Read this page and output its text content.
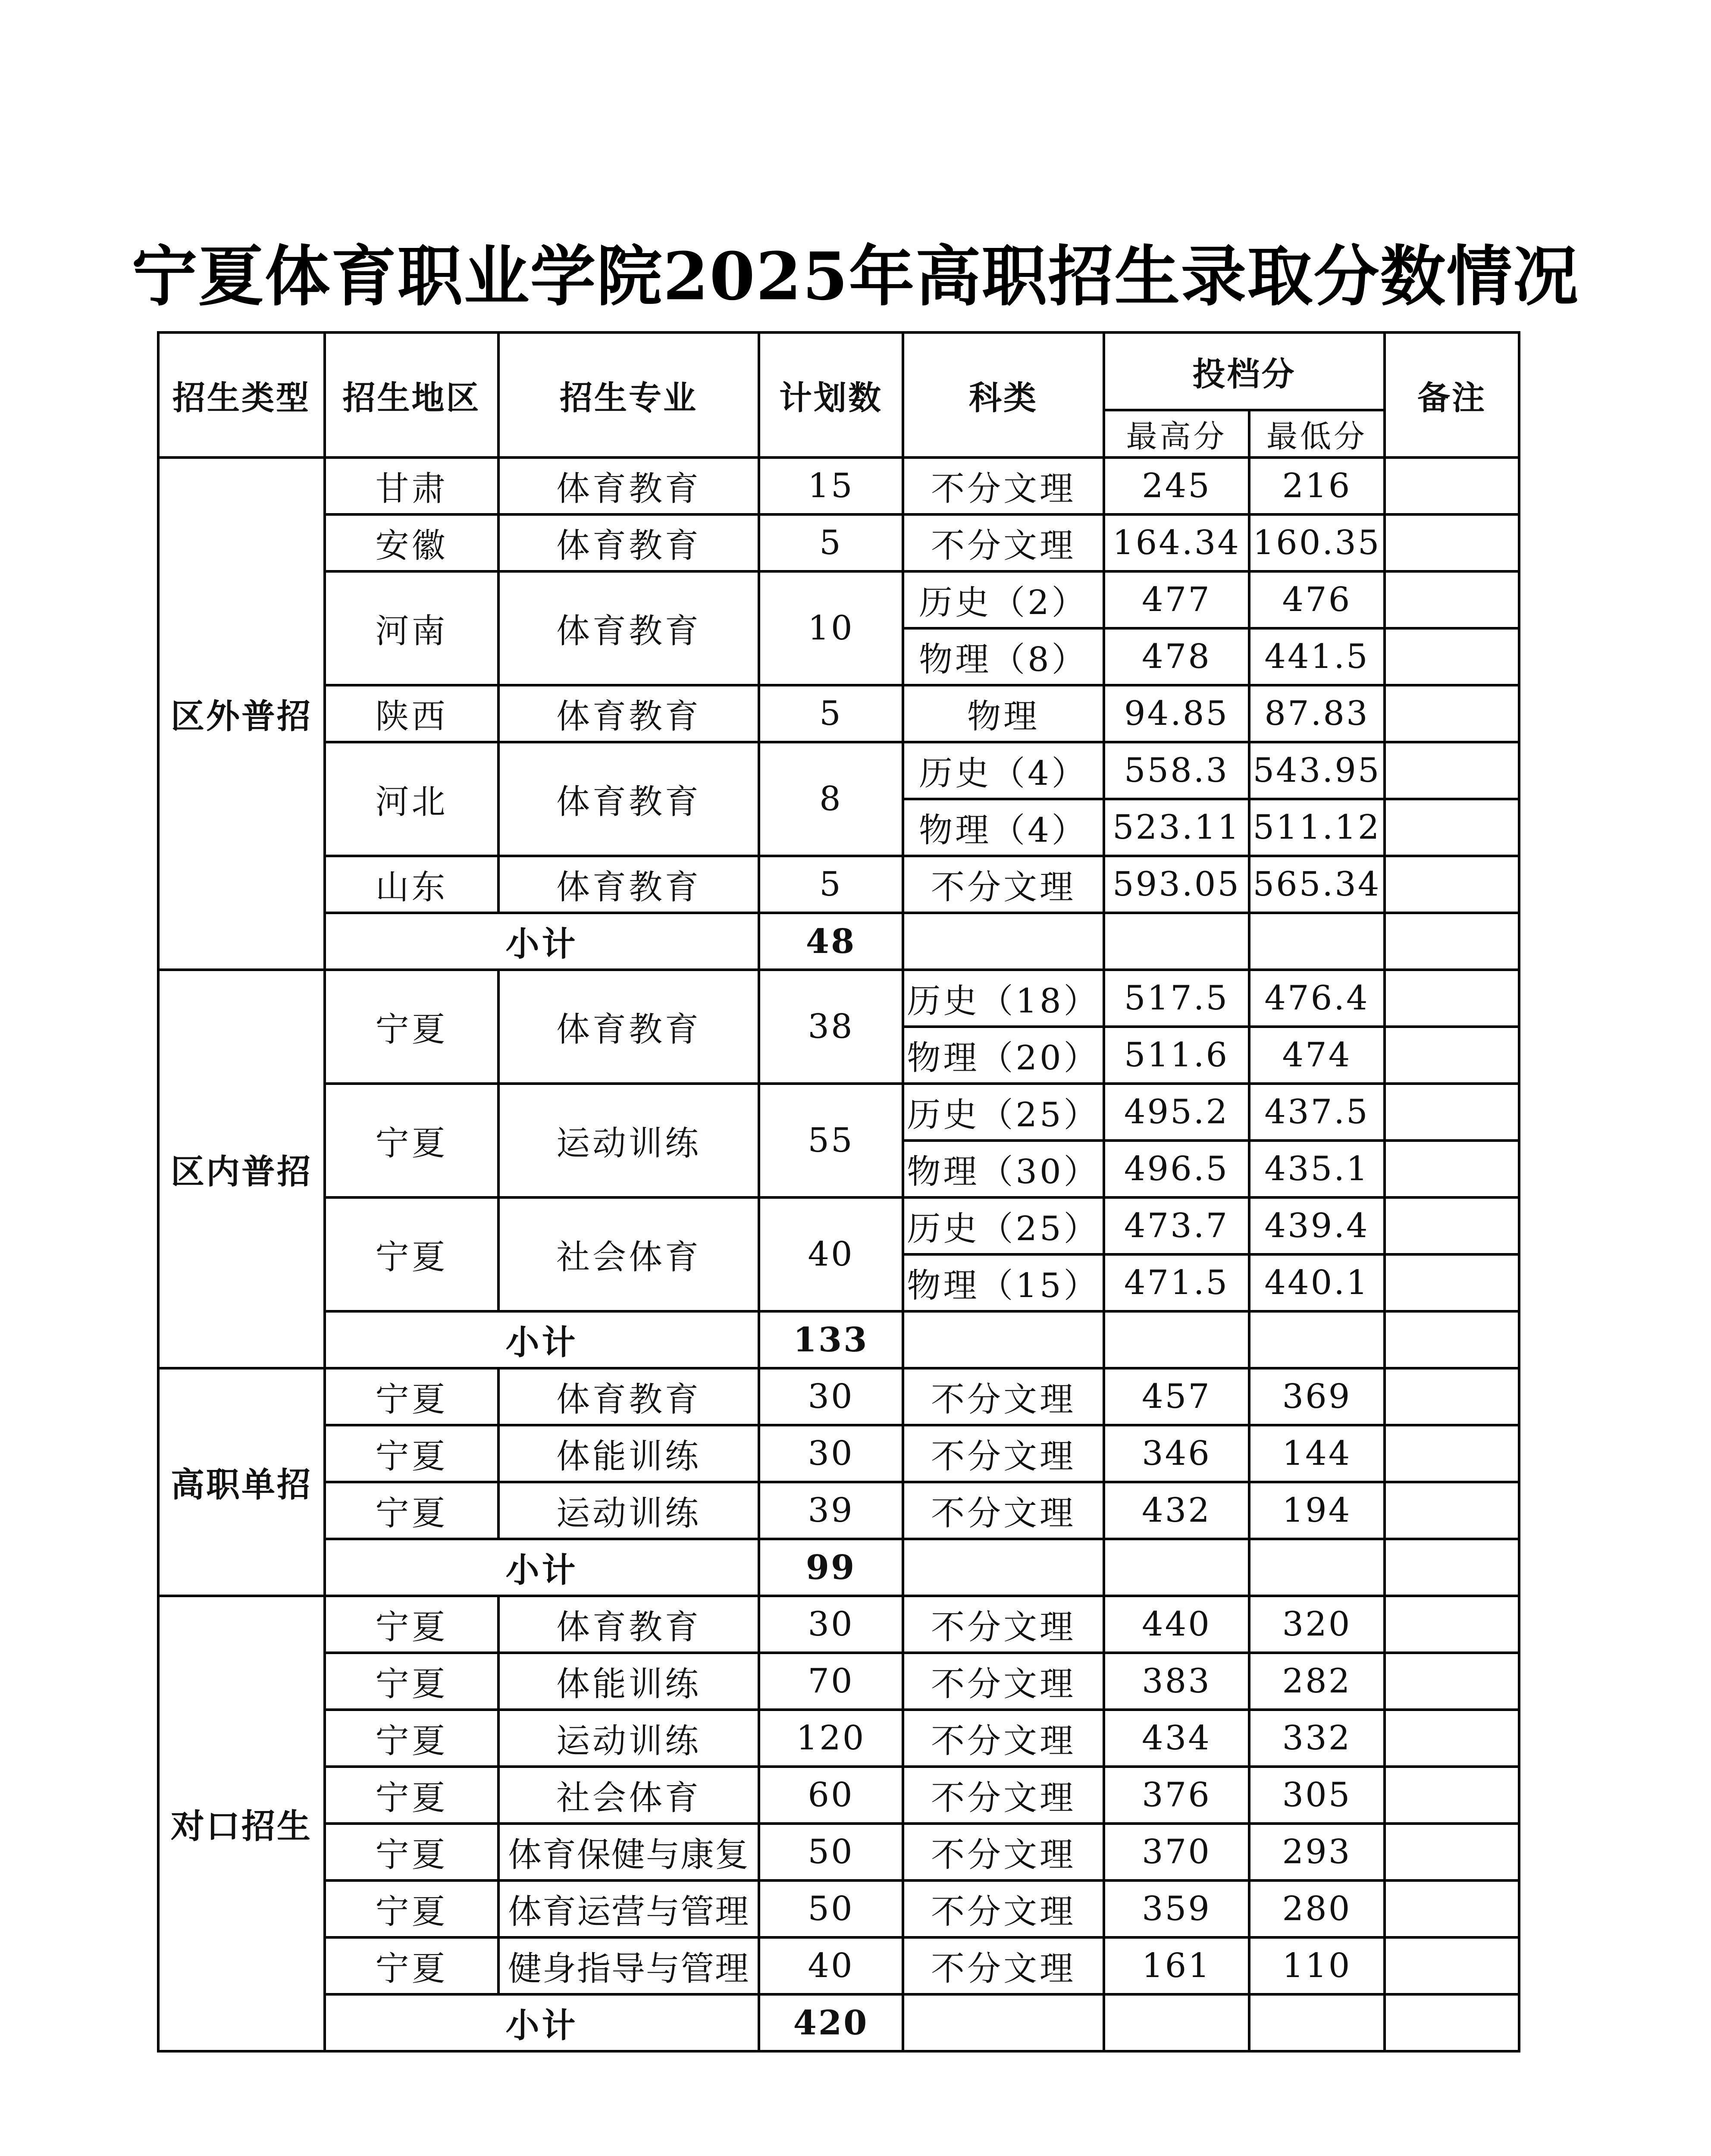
宁夏体育职业学院2025年高职招生录取分数情况
招生类型	招生地区	招生专业	计划数	科类	投档分		备注
					最高分	最低分	
区外普招	甘肃	体育教育	15	不分文理	245	216	
	安徽	体育教育	5	不分文理	164.34	160.35	
	河南	体育教育	10	历史（2）	477	476	
				物理（8）	478	441.5	
	陕西	体育教育	5	物理	94.85	87.83	
	河北	体育教育	8	历史（4）	558.3	543.95	
				物理（4）	523.11	511.12	
	山东	体育教育	5	不分文理	593.05	565.34	
	小计		48				
区内普招	宁夏	体育教育	38	历史（18）	517.5	476.4	
				物理（20）	511.6	474	
	宁夏	运动训练	55	历史（25）	495.2	437.5	
				物理（30）	496.5	435.1	
	宁夏	社会体育	40	历史（25）	473.7	439.4	
				物理（15）	471.5	440.1	
	小计		133				
高职单招	宁夏	体育教育	30	不分文理	457	369	
	宁夏	体能训练	30	不分文理	346	144	
	宁夏	运动训练	39	不分文理	432	194	
	小计		99				
对口招生	宁夏	体育教育	30	不分文理	440	320	
	宁夏	体能训练	70	不分文理	383	282	
	宁夏	运动训练	120	不分文理	434	332	
	宁夏	社会体育	60	不分文理	376	305	
	宁夏	体育保健与康复	50	不分文理	370	293	
	宁夏	体育运营与管理	50	不分文理	359	280	
	宁夏	健身指导与管理	40	不分文理	161	110	
	小计		420				
